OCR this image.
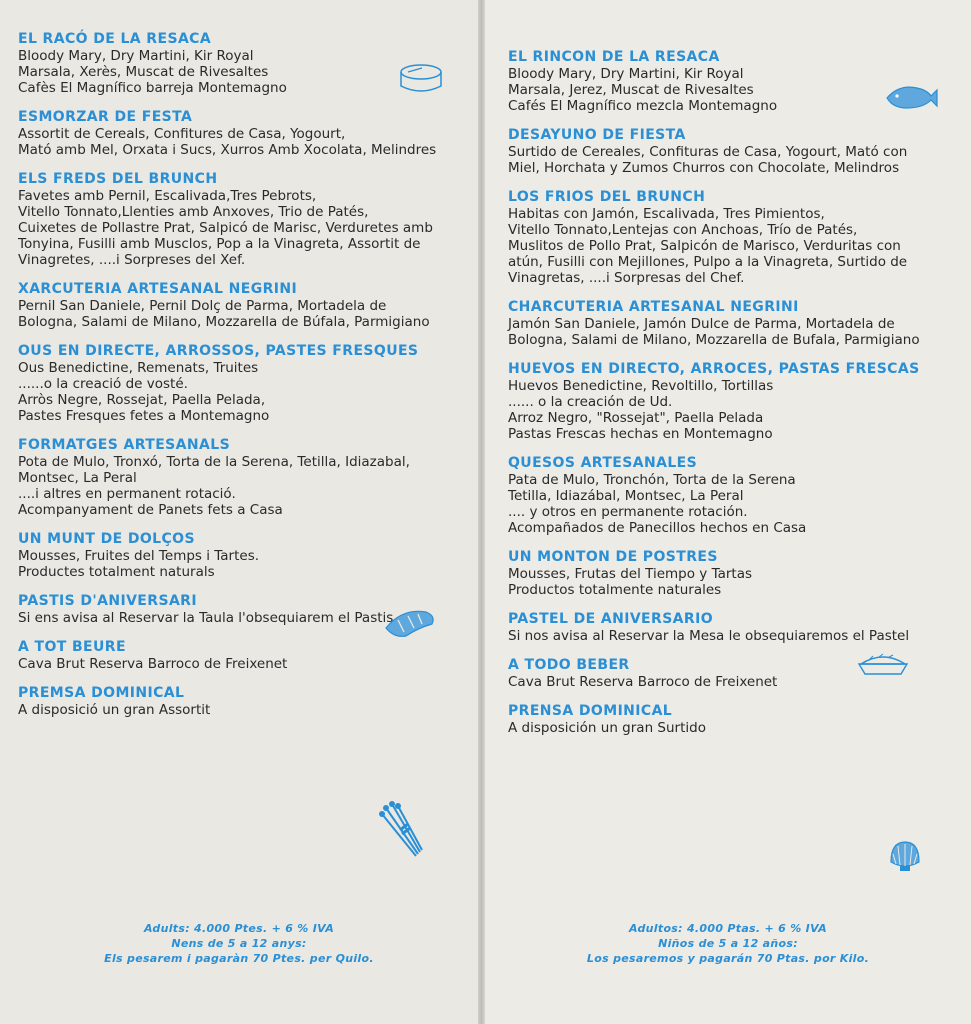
EL RACÓ DE LA RESACA
Bloody Mary, Dry Martini, Kir Royal
Marsala, Xerès, Muscat de Rivesaltes
Cafès El Magnífico barreja Montemagno
ESMORZAR DE FESTA
Assortit de Cereals, Confitures de Casa, Yogourt,
Mató amb Mel, Orxata i Sucs, Xurros Amb Xocolata, Melindres
ELS FREDS DEL BRUNCH
Favetes amb Pernil, Escalivada,Tres Pebrots,
Vitello Tonnato,Llenties amb Anxoves, Trio de Patés,
Cuixetes de Pollastre Prat, Salpicó de Marisc, Verduretes amb
Tonyina, Fusilli amb Musclos, Pop a la Vinagreta, Assortit de
Vinagretes, ....i Sorpreses del Xef.
XARCUTERIA ARTESANAL NEGRINI
Pernil San Daniele, Pernil Dolç de Parma, Mortadela de
Bologna, Salami de Milano, Mozzarella de Búfala, Parmigiano
OUS EN DIRECTE, ARROSSOS, PASTES FRESQUES
Ous Benedictine, Remenats, Truites
......o la creació de vosté.
Arròs Negre, Rossejat, Paella Pelada,
Pastes Fresques fetes a Montemagno
FORMATGES ARTESANALS
Pota de Mulo, Tronxó, Torta de la Serena, Tetilla, Idiazabal,
Montsec, La Peral
....i altres en permanent rotació.
Acompanyament de Panets fets a Casa
UN MUNT DE DOLÇOS
Mousses, Fruites del Temps i Tartes.
Productes totalment naturals
PASTIS D'ANIVERSARI
Si ens avisa al Reservar la Taula l'obsequiarem el Pastis
A TOT BEURE
Cava Brut Reserva Barroco de Freixenet
PREMSA DOMINICAL
A disposició un gran Assortit
Adults: 4.000 Ptes. + 6 % IVA
Nens de 5 a 12 anys:
Els pesarem i pagaràn 70 Ptes. per Quilo.
EL RINCON DE LA RESACA
Bloody Mary, Dry Martini, Kir Royal
Marsala, Jerez, Muscat de Rivesaltes
Cafés El Magnífico mezcla Montemagno
DESAYUNO DE FIESTA
Surtido de Cereales, Confituras de Casa, Yogourt, Mató con
Miel, Horchata y Zumos Churros con Chocolate, Melindros
LOS FRIOS DEL BRUNCH
Habitas con Jamón, Escalivada, Tres Pimientos,
Vitello Tonnato,Lentejas con Anchoas, Trío de Patés,
Muslitos de Pollo Prat, Salpicón de Marisco, Verduritas con
atún, Fusilli con Mejillones, Pulpo a la Vinagreta, Surtido de
Vinagretas, ....i Sorpresas del Chef.
CHARCUTERIA ARTESANAL NEGRINI
Jamón San Daniele, Jamón Dulce de Parma, Mortadela de
Bologna, Salami de Milano, Mozzarella de Bufala, Parmigiano
HUEVOS EN DIRECTO, ARROCES, PASTAS FRESCAS
Huevos Benedictine, Revoltillo, Tortillas
...... o la creación de Ud.
Arroz Negro, "Rossejat", Paella Pelada
Pastas Frescas hechas en Montemagno
QUESOS ARTESANALES
Pata de Mulo, Tronchón, Torta de la Serena
Tetilla, Idiazábal, Montsec, La Peral
.... y otros en permanente rotación.
Acompañados de Panecillos hechos en Casa
UN MONTON DE POSTRES
Mousses, Frutas del Tiempo y Tartas
Productos totalmente naturales
PASTEL DE ANIVERSARIO
Si nos avisa al Reservar la Mesa le obsequiaremos el Pastel
A TODO BEBER
Cava Brut Reserva Barroco de Freixenet
PRENSA DOMINICAL
A disposición un gran Surtido
Adultos: 4.000 Ptas. + 6 % IVA
Niños de 5 a 12 años:
Los pesaremos y pagarán 70 Ptas. por Kilo.
